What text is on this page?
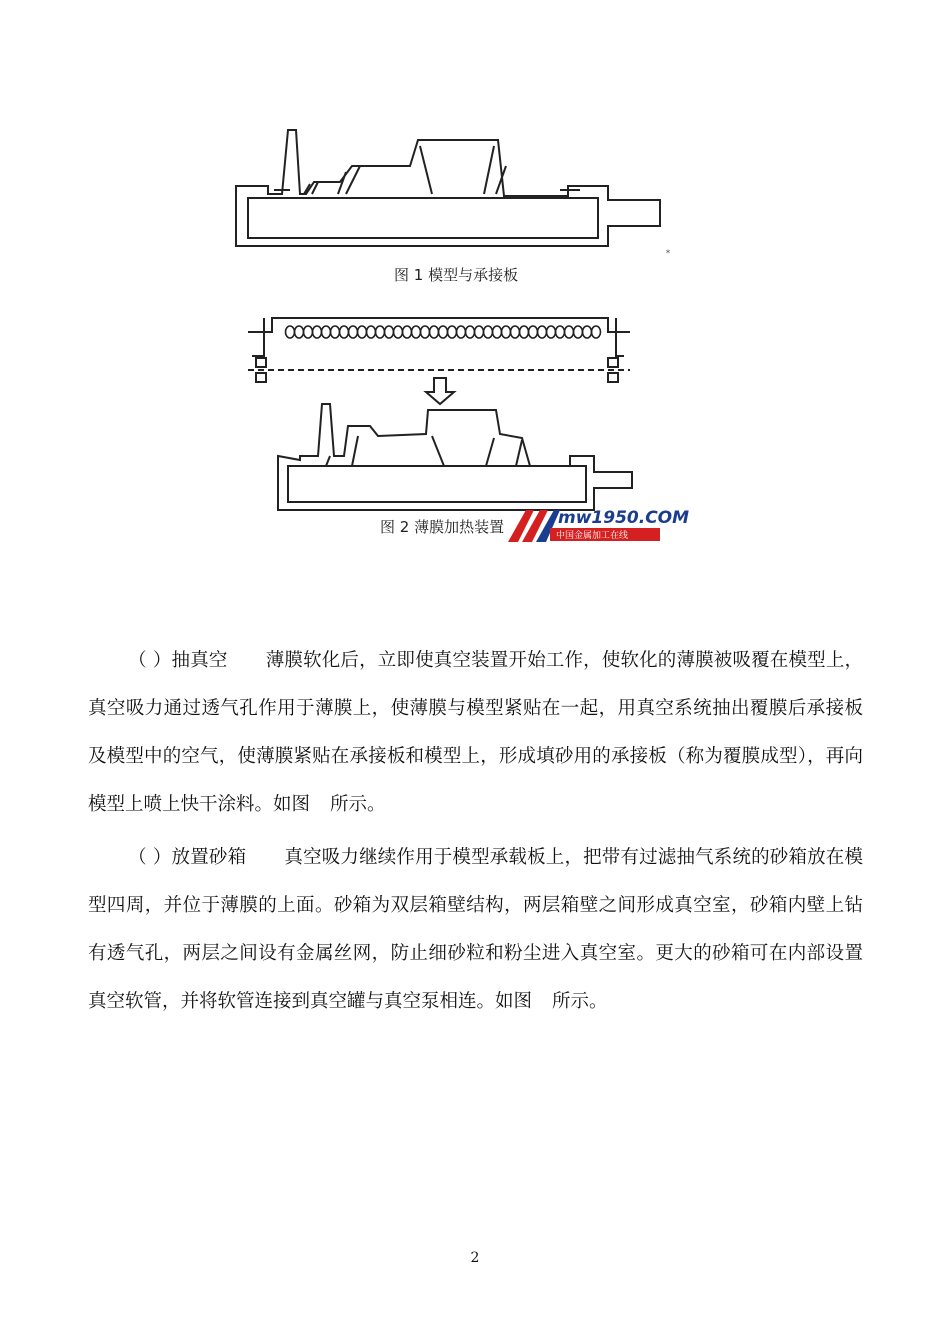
图 1 模型与承接板
图 2 薄膜加热装置
*
mw1950.COM
中国金属加工在线

（ ）抽真空 薄膜软化后，立即使真空装置开始工作，使软化的薄膜被吸覆在模型上，真空吸力通过透气孔作用于薄膜上，使薄膜与模型紧贴在一起，用真空系统抽出覆膜后承接板及模型中的空气，使薄膜紧贴在承接板和模型上，形成填砂用的承接板（称为覆膜成型），再向模型上喷上快干涂料。如图 所示。

（ ）放置砂箱 真空吸力继续作用于模型承载板上，把带有过滤抽气系统的砂箱放在模型四周，并位于薄膜的上面。砂箱为双层箱壁结构，两层箱壁之间形成真空室，砂箱内壁上钻有透气孔，两层之间设有金属丝网，防止细砂粒和粉尘进入真空室。更大的砂箱可在内部设置真空软管，并将软管连接到真空罐与真空泵相连。如图 所示。

2
